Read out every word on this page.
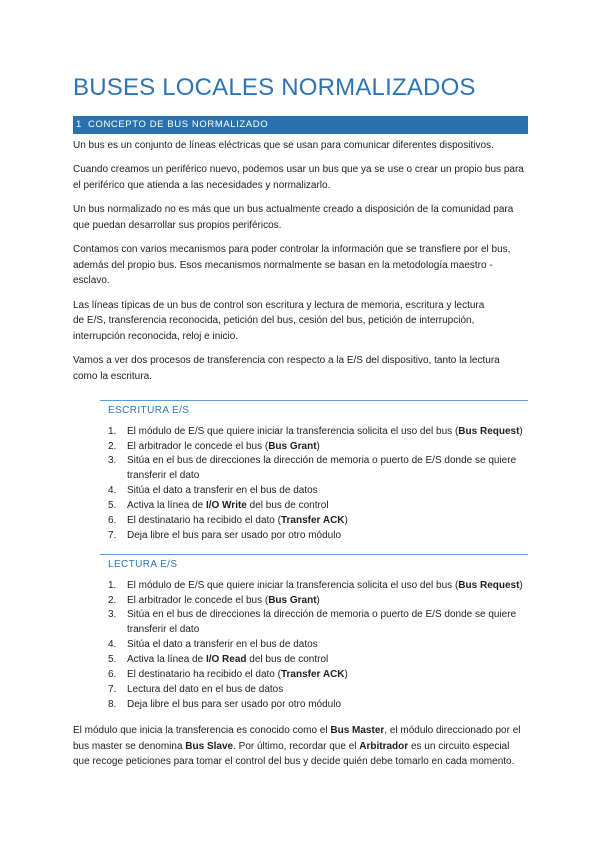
BUSES LOCALES NORMALIZADOS
1 CONCEPTO DE BUS NORMALIZADO
Un bus es un conjunto de líneas eléctricas que se usan para comunicar diferentes dispositivos.
Cuando creamos un periférico nuevo, podemos usar un bus que ya se use o crear un propio bus para
el periférico que atienda a las necesidades y normalizarlo.
Un bus normalizado no es más que un bus actualmente creado a disposición de la comunidad para
que puedan desarrollar sus propios periféricos.
Contamos con varios mecanismos para poder controlar la información que se transfiere por el bus,
además del propio bus. Esos mecanismos normalmente se basan en la metodología maestro -
esclavo.
Las líneas típicas de un bus de control son escritura y lectura de memoria, escritura y lectura
de E/S, transferencia reconocida, petición del bus, cesión del bus, petición de interrupción,
interrupción reconocida, reloj e inicio.
Vamos a ver dos procesos de transferencia con respecto a la E/S del dispositivo, tanto la lectura
como la escritura.
ESCRITURA E/S
1.	El módulo de E/S que quiere iniciar la transferencia solicita el uso del bus (Bus Request)
2.	El arbitrador le concede el bus (Bus Grant)
3.	Sitúa en el bus de direcciones la dirección de memoria o puerto de E/S donde se quiere
transferir el dato
4.	Sitúa el dato a transferir en el bus de datos
5.	Activa la línea de I/O Write del bus de control
6.	El destinatario ha recibido el dato (Transfer ACK)
7.	Deja libre el bus para ser usado por otro módulo
LECTURA E/S
1.	El módulo de E/S que quiere iniciar la transferencia solicita el uso del bus (Bus Request)
2.	El arbitrador le concede el bus (Bus Grant)
3.	Sitúa en el bus de direcciones la dirección de memoria o puerto de E/S donde se quiere
transferir el dato
4.	Sitúa el dato a transferir en el bus de datos
5.	Activa la línea de I/O Read del bus de control
6.	El destinatario ha recibido el dato (Transfer ACK)
7.	Lectura del dato en el bus de datos
8.	Deja libre el bus para ser usado por otro módulo
El módulo que inicia la transferencia es conocido como el Bus Master, el módulo direccionado por el
bus master se denomina Bus Slave. Por último, recordar que el Arbitrador es un circuito especial
que recoge peticiones para tomar el control del bus y decide quién debe tomarlo en cada momento.
